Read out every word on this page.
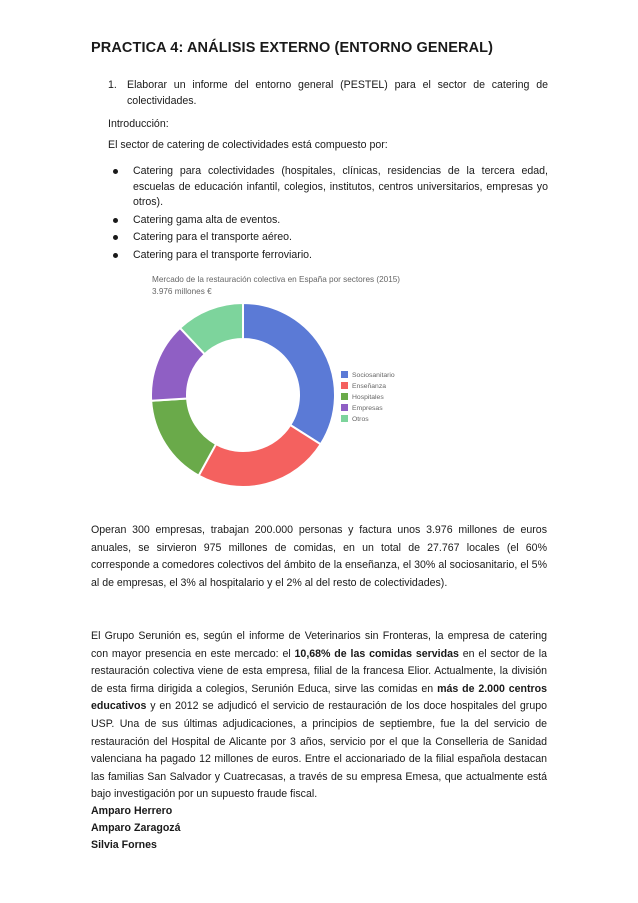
PRACTICA 4: ANÁLISIS EXTERNO (ENTORNO GENERAL)
1. Elaborar un informe del entorno general (PESTEL) para el sector de catering de colectividades.
Introducción:
El sector de catering de colectividades está compuesto por:
Catering para colectividades (hospitales, clínicas, residencias de la tercera edad, escuelas de educación infantil, colegios, institutos, centros universitarios, empresas yo otros).
Catering gama alta de eventos.
Catering para el transporte aéreo.
Catering para el transporte ferroviario.
Mercado de la restauración colectiva en España por sectores (2015)
3.976 millones €
Sociosanitario
Enseñanza
Hospitales
Empresas
Otros
Operan 300 empresas, trabajan 200.000 personas y factura unos 3.976 millones de euros anuales, se sirvieron 975 millones de comidas, en un total de 27.767 locales (el 60% corresponde a comedores colectivos del ámbito de la enseñanza, el 30% al sociosanitario, el 5% al de empresas, el 3% al hospitalario y el 2% al del resto de colectividades).
El Grupo Serunión es, según el informe de Veterinarios sin Fronteras, la empresa de catering con mayor presencia en este mercado: el 10,68% de las comidas servidas en el sector de la restauración colectiva viene de esta empresa, filial de la francesa Elior. Actualmente, la división de esta firma dirigida a colegios, Serunión Educa, sirve las comidas en más de 2.000 centros educativos y en 2012 se adjudicó el servicio de restauración de los doce hospitales del grupo USP. Una de sus últimas adjudicaciones, a principios de septiembre, fue la del servicio de restauración del Hospital de Alicante por 3 años, servicio por el que la Conselleria de Sanidad valenciana ha pagado 12 millones de euros. Entre el accionariado de la filial española destacan las familias San Salvador y Cuatrecasas, a través de su empresa Emesa, que actualmente está bajo investigación por un supuesto fraude fiscal.
Amparo Herrero
Amparo Zaragozá
Silvia Fornes
